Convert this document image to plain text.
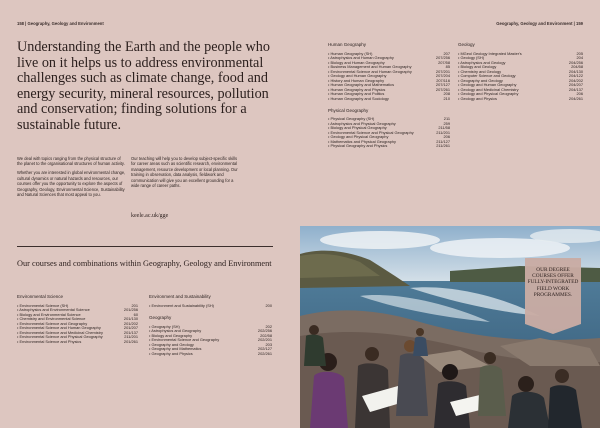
158 | Geography, Geology and Environment
Understanding the Earth and the people who live on it helps us to address environmental challenges such as climate change, food and energy security, mineral resources, pollution and conservation; finding solutions for a sustainable future.

We deal with topics ranging from the physical structure of the planet to the organisational structures of human activity.

Whether you are interested in global environmental change, cultural dynamics or natural hazards and resources, our courses offer you the opportunity to explore the aspects of Geography, Geology, Environmental Science, Sustainability and Natural Sciences that most appeal to you.

Our teaching will help you to develop subject-specific skills for career areas such as scientific research, environmental management, resource development or local planning. Our training in observation, data analysis, fieldwork and communication will give you an excellent grounding for a wide range of career paths.

keele.ac.uk/gge
Our courses and combinations within Geography, Geology and Environment
Environmental Science
• Environmental Science (SH)	201
• Astrophysics and Environmental Science	201/256
• Biology and Environmental Science	60
• Chemistry and Environmental Science	201/130
• Environmental Science and Geography	201/202
• Environmental Science and Human Geography	201/207
• Environmental Science and Medicinal Chemistry	201/137
• Environmental Science and Physical Geography	211/201
• Environmental Science and Physics	201/261
Environment and Sustainability
• Environment and Sustainability (SH)	200
Geography
• Geography (SH)	202
• Astrophysics and Geography	202/256
• Biology and Geography	202/58
• Environmental Science and Geography	202/201
• Geography and Geology	203
• Geography and Mathematics	202/127
• Geography and Physics	202/261
Geography, Geology and Environment | 159
Human Geography
• Human Geography (SH)	207
• Astrophysics and Human Geography	207/256
• Biology and Human Geography	207/58
• Business Management and Human Geography	85
• Environmental Science and Human Geography	207/201
• Geology and Human Geography	207/204
• History and Human Geography	207/116
• Human Geography and Mathematics	207/127
• Human Geography and Physics	207/261
• Human Geography and Politics	208
• Human Geography and Sociology	210
Physical Geography
• Physical Geography (SH)	211
• Astrophysics and Physical Geography	259
• Biology and Physical Geography	211/58
• Environmental Science and Physical Geography	211/201
• Geology and Physical Geography	206
• Mathematics and Physical Geography	211/127
• Physical Geography and Physics	211/261
Geology
• MGeol Geology Integrated Master's	205
• Geology (SH)	204
• Astrophysics and Geology	204/256
• Biology and Geology	204/58
• Chemistry and Geology	204/130
• Computer Science and Geology	204/122
• Geography and Geology	204/202
• Geology and Human Geography	204/207
• Geology and Medicinal Chemistry	204/137
• Geology and Physical Geography	206
• Geology and Physics	204/261
OUR DEGREE COURSES OFFER FULLY-INTEGRATED FIELD WORK PROGRAMMES.
